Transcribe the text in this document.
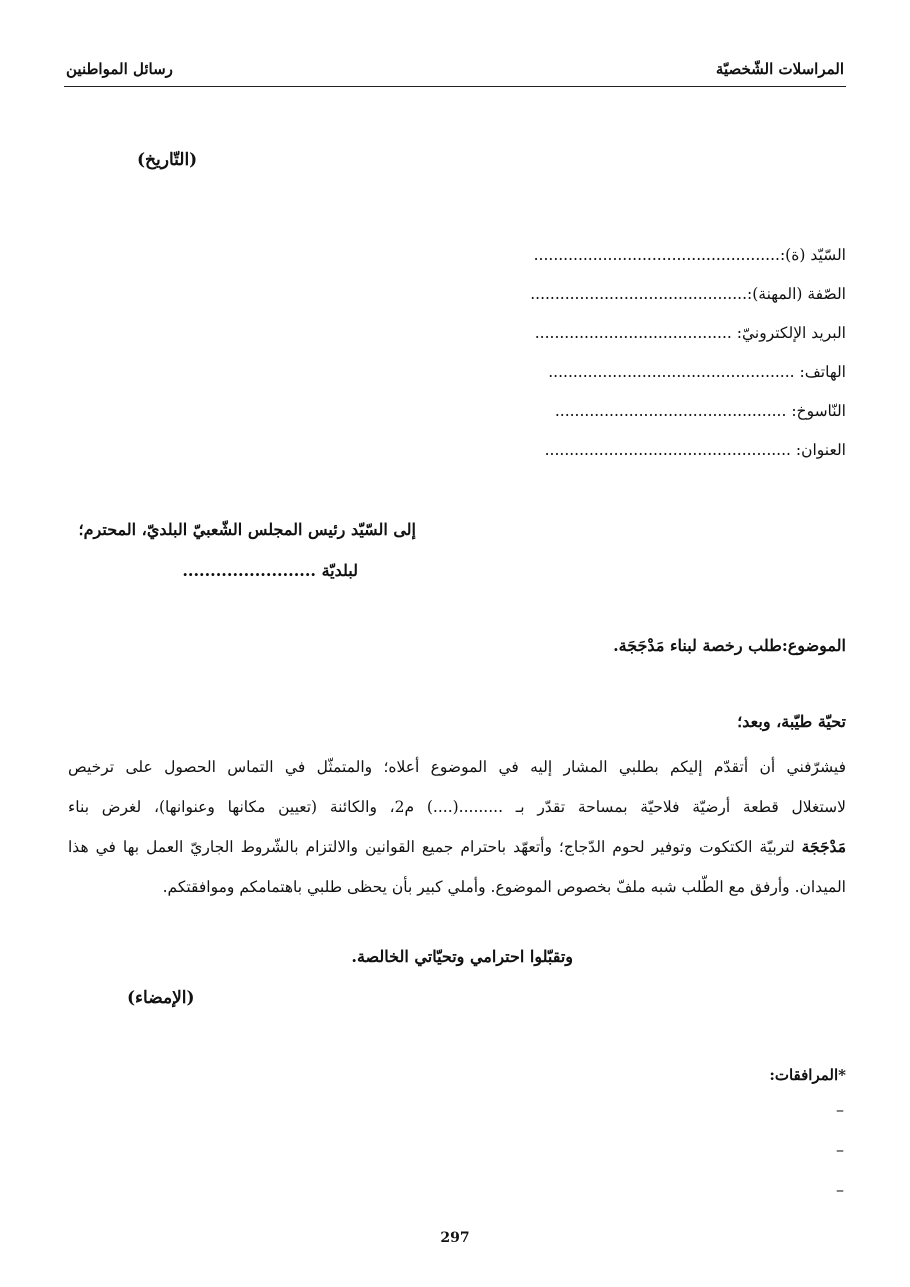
المراسلات الشّخصيّة
رسائل المواطنين
(التّاريخ)
السّيّد (ة):..................................................
الصّفة (المهنة):............................................
البريد الإلكترونيّ: ........................................
الهاتف: ..................................................
النّاسوخ: ...............................................
العنوان: ..................................................
إلى السّيّد رئيس المجلس الشّعبيّ البلديّ، المحترم؛
لبلديّة ........................
الموضوع:طلب رخصة لبناء مَدْجَجَة.
تحيّة طيّبة، وبعد؛
فيشرّفني أن أتقدّم إليكم بطلبي المشار إليه في الموضوع أعلاه؛ والمتمثّل في التماس الحصول على ترخيص
لاستغلال قطعة أرضيّة فلاحيّة بمساحة تقدّر بـ .........(....) م2، والكائنة (تعيين مكانها وعنوانها)، لغرض بناء
مَدْجَجَة لتربيّة الكتكوت وتوفير لحوم الدّجاج؛ وأتعهّد باحترام جميع القوانين والالتزام بالشّروط الجاريّ العمل بها في هذا
الميدان. وأرفق مع الطّلب شبه ملفّ بخصوص الموضوع. وأملي كبير بأن يحظى طلبي باهتمامكم وموافقتكم.
وتقبّلوا احترامي وتحيّاتي الخالصة.
(الإمضاء)
*المرافقات:
–
–
–
297
